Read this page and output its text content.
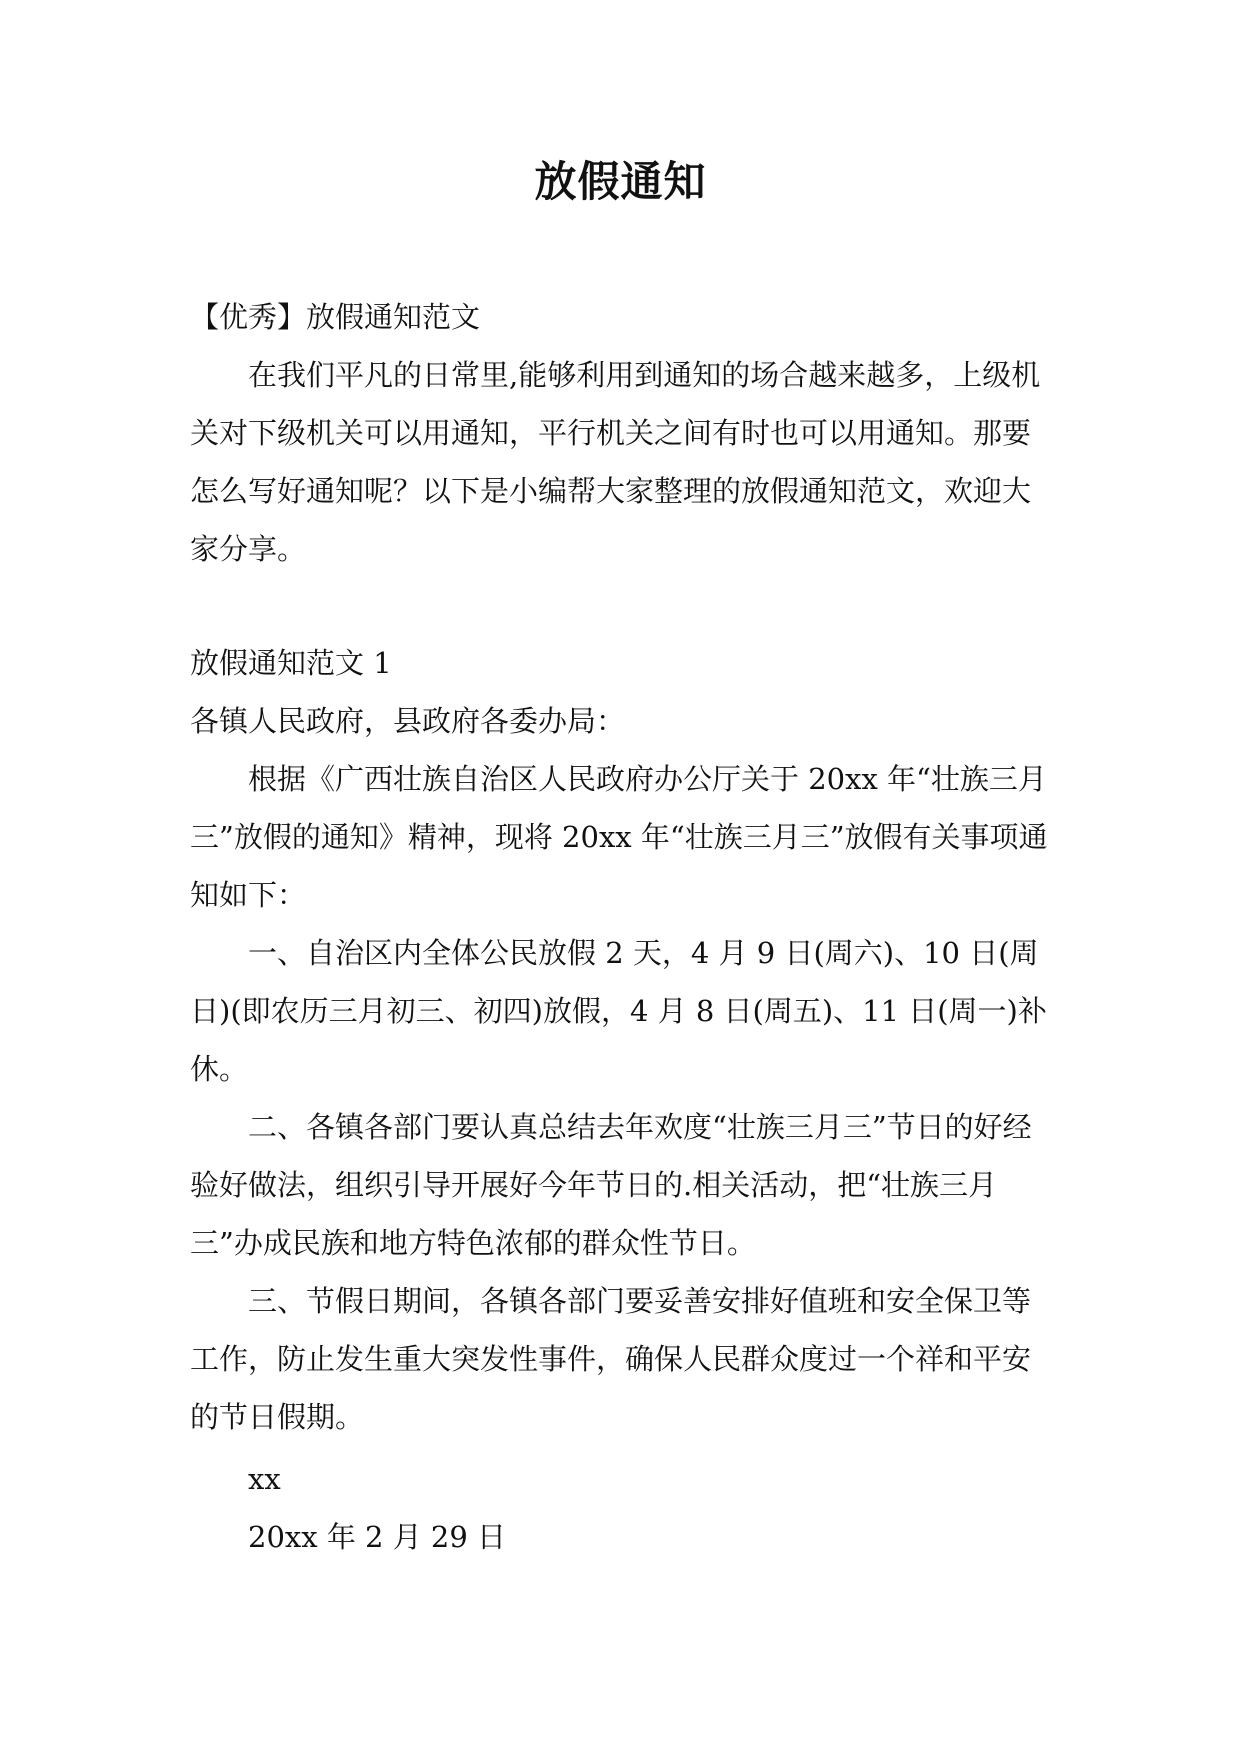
放假通知

【优秀】放假通知范文

在我们平凡的日常里,能够利用到通知的场合越来越多，上级机关对下级机关可以用通知，平行机关之间有时也可以用通知。那要怎么写好通知呢？以下是小编帮大家整理的放假通知范文，欢迎大家分享。

放假通知范文 1

各镇人民政府，县政府各委办局：

根据《广西壮族自治区人民政府办公厅关于 20xx 年“壮族三月三”放假的通知》精神，现将 20xx 年“壮族三月三”放假有关事项通知如下：

一、自治区内全体公民放假 2 天，4 月 9 日(周六)、10 日(周日)(即农历三月初三、初四)放假，4 月 8 日(周五)、11 日(周一)补休。

二、各镇各部门要认真总结去年欢度“壮族三月三”节日的好经验好做法，组织引导开展好今年节日的.相关活动，把“壮族三月三”办成民族和地方特色浓郁的群众性节日。

三、节假日期间，各镇各部门要妥善安排好值班和安全保卫等工作，防止发生重大突发性事件，确保人民群众度过一个祥和平安的节日假期。

xx

20xx 年 2 月 29 日
